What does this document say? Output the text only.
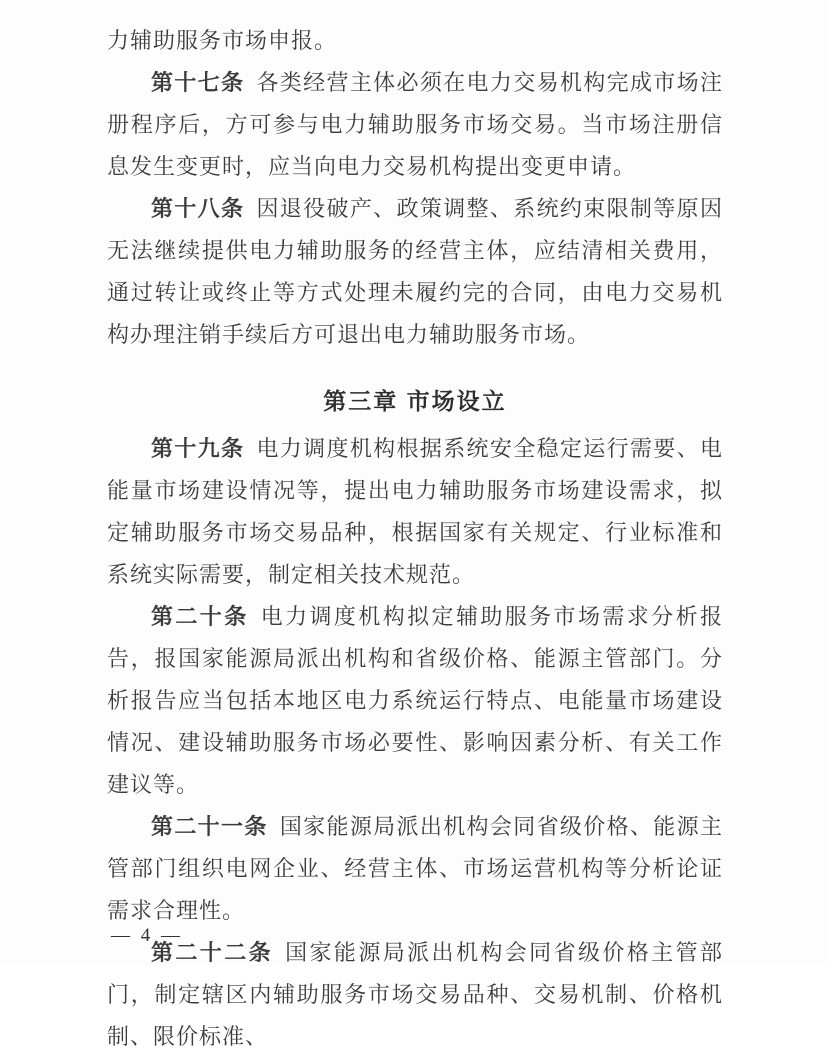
力辅助服务市场申报。

第十七条 各类经营主体必须在电力交易机构完成市场注册程序后，方可参与电力辅助服务市场交易。当市场注册信息发生变更时，应当向电力交易机构提出变更申请。

第十八条 因退役破产、政策调整、系统约束限制等原因无法继续提供电力辅助服务的经营主体，应结清相关费用，通过转让或终止等方式处理未履约完的合同，由电力交易机构办理注销手续后方可退出电力辅助服务市场。

第三章 市场设立

第十九条 电力调度机构根据系统安全稳定运行需要、电能量市场建设情况等，提出电力辅助服务市场建设需求，拟定辅助服务市场交易品种，根据国家有关规定、行业标准和系统实际需要，制定相关技术规范。

第二十条 电力调度机构拟定辅助服务市场需求分析报告，报国家能源局派出机构和省级价格、能源主管部门。分析报告应当包括本地区电力系统运行特点、电能量市场建设情况、建设辅助服务市场必要性、影响因素分析、有关工作建议等。

第二十一条 国家能源局派出机构会同省级价格、能源主管部门组织电网企业、经营主体、市场运营机构等分析论证需求合理性。

第二十二条 国家能源局派出机构会同省级价格主管部门，制定辖区内辅助服务市场交易品种、交易机制、价格机制、限价标准、

— 4 —
